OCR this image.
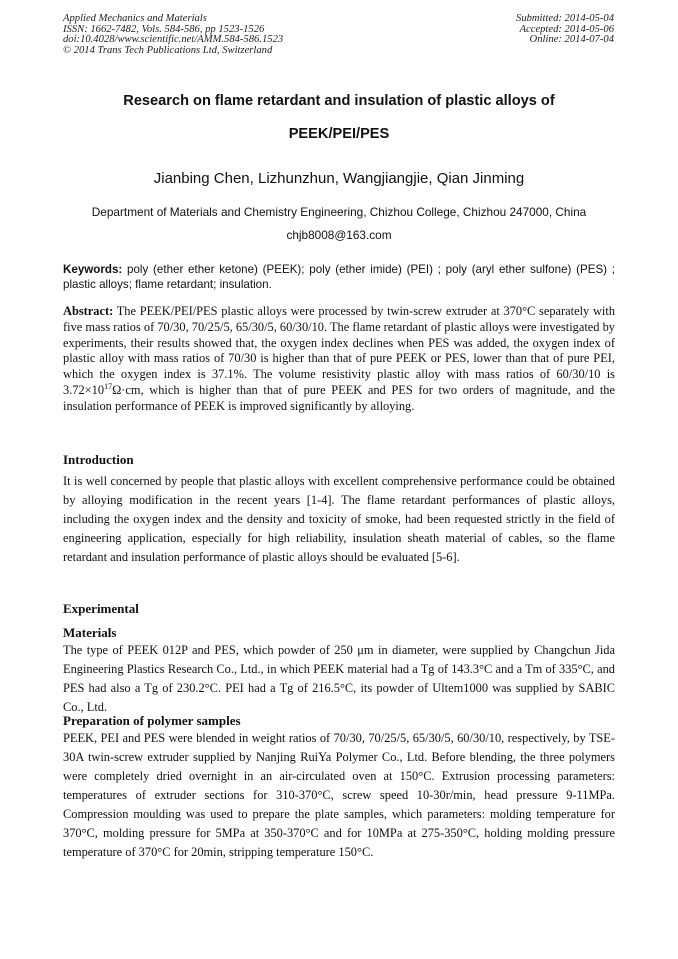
Applied Mechanics and Materials
ISSN: 1662-7482, Vols. 584-586, pp 1523-1526
doi:10.4028/www.scientific.net/AMM.584-586.1523
© 2014 Trans Tech Publications Ltd, Switzerland
Submitted: 2014-05-04
Accepted: 2014-05-06
Online: 2014-07-04
Research on flame retardant and insulation of plastic alloys of
PEEK/PEI/PES
Jianbing Chen, Lizhunzhun, Wangjiangjie, Qian Jinming
Department of Materials and Chemistry Engineering, Chizhou College, Chizhou 247000, China
chjb8008@163.com
Keywords: poly (ether ether ketone) (PEEK); poly (ether imide) (PEI) ; poly (aryl ether sulfone) (PES) ; plastic alloys; flame retardant; insulation.
Abstract: The PEEK/PEI/PES plastic alloys were processed by twin-screw extruder at 370°C separately with five mass ratios of 70/30, 70/25/5, 65/30/5, 60/30/10. The flame retardant of plastic alloys were investigated by experiments, their results showed that, the oxygen index declines when PES was added, the oxygen index of plastic alloy with mass ratios of 70/30 is higher than that of pure PEEK or PES, lower than that of pure PEI, which the oxygen index is 37.1%. The volume resistivity plastic alloy with mass ratios of 60/30/10 is $3.72\times 10^{17}\Omega\cdot cm$, which is higher than that of pure PEEK and PES for two orders of magnitude, and the insulation performance of PEEK is improved significantly by alloying.
Introduction
It is well concerned by people that plastic alloys with excellent comprehensive performance could be obtained by alloying modification in the recent years [1-4]. The flame retardant performances of plastic alloys, including the oxygen index and the density and toxicity of smoke, had been requested strictly in the field of engineering application, especially for high reliability, insulation sheath material of cables, so the flame retardant and insulation performance of plastic alloys should be evaluated [5-6].
Experimental
Materials
The type of PEEK 012P and PES, which powder of 250 μm in diameter, were supplied by Changchun Jida Engineering Plastics Research Co., Ltd., in which PEEK material had a Tg of 143.3°C and a Tm of 335°C, and PES had also a Tg of 230.2°C. PEI had a Tg of 216.5°C, its powder of Ultem1000 was supplied by SABIC Co., Ltd.
Preparation of polymer samples
PEEK, PEI and PES were blended in weight ratios of 70/30, 70/25/5, 65/30/5, 60/30/10, respectively, by TSE-30A twin-screw extruder supplied by Nanjing RuiYa Polymer Co., Ltd. Before blending, the three polymers were completely dried overnight in an air-circulated oven at 150°C. Extrusion processing parameters: temperatures of extruder sections for 310-370°C, screw speed 10-30r/min, head pressure 9-11MPa. Compression moulding was used to prepare the plate samples, which parameters: molding temperature for 370°C, molding pressure for 5MPa at 350-370°C and for 10MPa at 275-350°C, holding molding pressure temperature of 370°C for 20min, stripping temperature 150°C.
